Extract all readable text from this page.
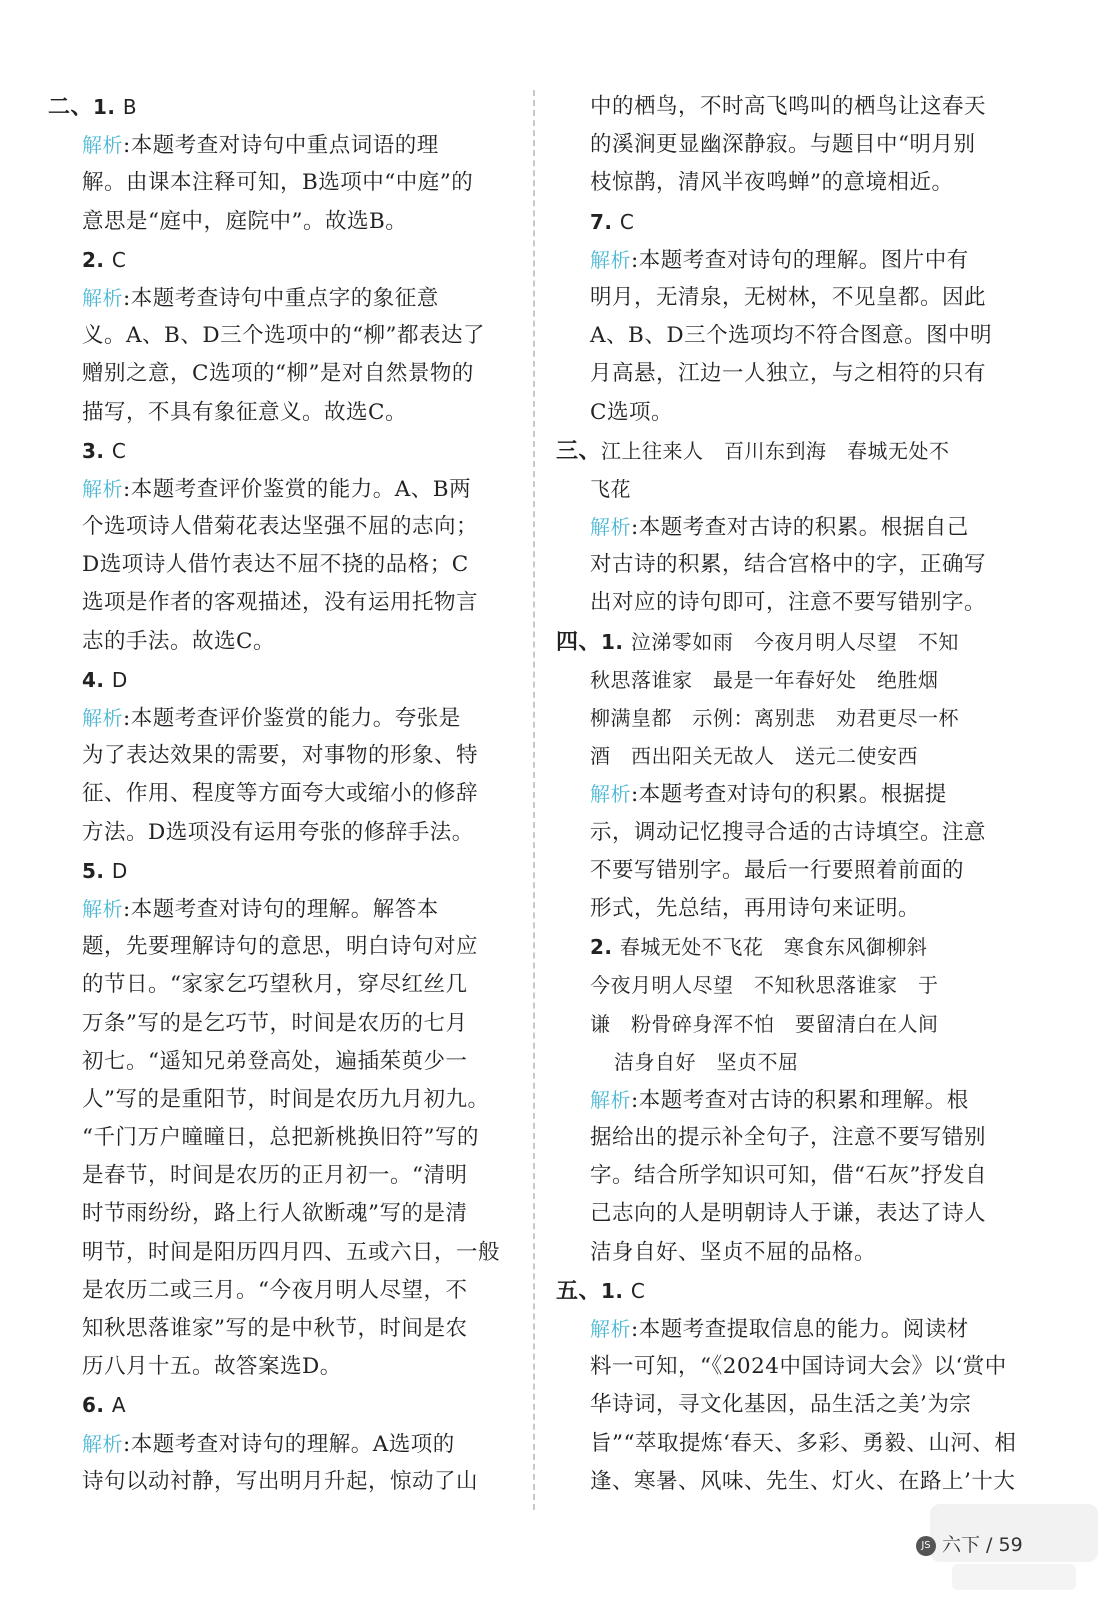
二、1. B
解析:本题考查对诗句中重点词语的理
解。由课本注释可知，B选项中“中庭”的
意思是“庭中，庭院中”。故选B。
2. C
解析:本题考查诗句中重点字的象征意
义。A、B、D三个选项中的“柳”都表达了
赠别之意，C选项的“柳”是对自然景物的
描写，不具有象征意义。故选C。
3. C
解析:本题考查评价鉴赏的能力。A、B两
个选项诗人借菊花表达坚强不屈的志向；
D选项诗人借竹表达不屈不挠的品格；C
选项是作者的客观描述，没有运用托物言
志的手法。故选C。
4. D
解析:本题考查评价鉴赏的能力。夸张是
为了表达效果的需要，对事物的形象、特
征、作用、程度等方面夸大或缩小的修辞
方法。D选项没有运用夸张的修辞手法。
5. D
解析:本题考查对诗句的理解。解答本
题，先要理解诗句的意思，明白诗句对应
的节日。“家家乞巧望秋月，穿尽红丝几
万条”写的是乞巧节，时间是农历的七月
初七。“遥知兄弟登高处，遍插茱萸少一
人”写的是重阳节，时间是农历九月初九。
“千门万户曈曈日，总把新桃换旧符”写的
是春节，时间是农历的正月初一。“清明
时节雨纷纷，路上行人欲断魂”写的是清
明节，时间是阳历四月四、五或六日，一般
是农历二或三月。“今夜月明人尽望，不
知秋思落谁家”写的是中秋节，时间是农
历八月十五。故答案选D。
6. A
解析:本题考查对诗句的理解。A选项的
诗句以动衬静，写出明月升起，惊动了山
中的栖鸟，不时高飞鸣叫的栖鸟让这春天
的溪涧更显幽深静寂。与题目中“明月别
枝惊鹊，清风半夜鸣蝉”的意境相近。
7. C
解析:本题考查对诗句的理解。图片中有
明月，无清泉，无树林，不见皇都。因此
A、B、D三个选项均不符合图意。图中明
月高悬，江边一人独立，与之相符的只有
C选项。
三、江上往来人　百川东到海　春城无处不
飞花
解析:本题考查对古诗的积累。根据自己
对古诗的积累，结合宫格中的字，正确写
出对应的诗句即可，注意不要写错别字。
四、1. 泣涕零如雨　今夜月明人尽望　不知
秋思落谁家　最是一年春好处　绝胜烟
柳满皇都　示例：离别悲　劝君更尽一杯
酒　西出阳关无故人　送元二使安西
解析:本题考查对诗句的积累。根据提
示，调动记忆搜寻合适的古诗填空。注意
不要写错别字。最后一行要照着前面的
形式，先总结，再用诗句来证明。
2. 春城无处不飞花　寒食东风御柳斜
今夜月明人尽望　不知秋思落谁家　于
谦　粉骨碎身浑不怕　要留清白在人间
洁身自好　坚贞不屈
解析:本题考查对古诗的积累和理解。根
据给出的提示补全句子，注意不要写错别
字。结合所学知识可知，借“石灰”抒发自
己志向的人是明朝诗人于谦，表达了诗人
洁身自好、坚贞不屈的品格。
五、1. C
解析:本题考查提取信息的能力。阅读材
料一可知，“《2024中国诗词大会》以‘赏中
华诗词，寻文化基因，品生活之美’为宗
旨”“萃取提炼‘春天、多彩、勇毅、山河、相
逢、寒暑、风味、先生、灯火、在路上’十大
JS 六下 / 59
